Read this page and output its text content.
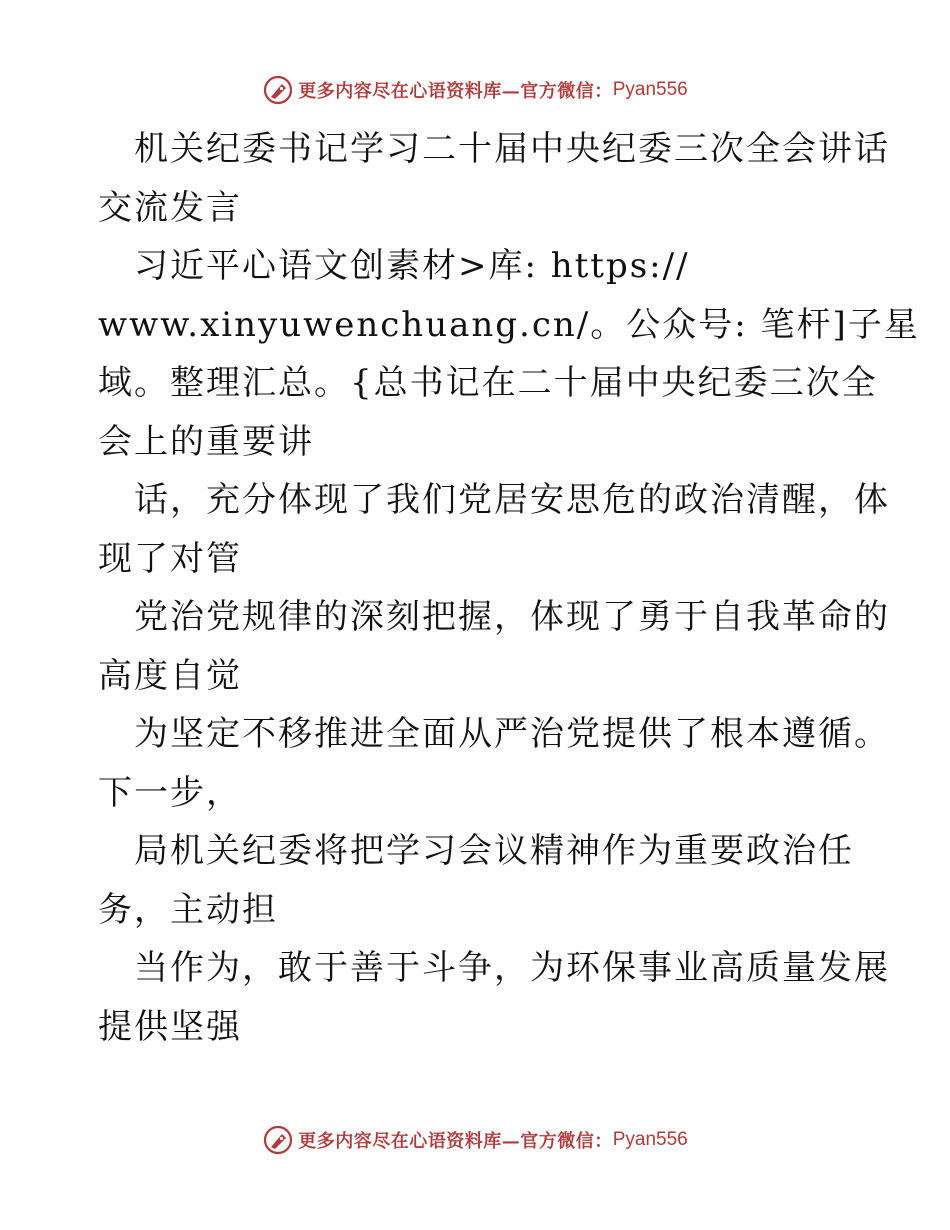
更多内容尽在心语资料库—官方微信： Pyan556
机关纪委书记学习二十届中央纪委三次全会讲话
交流发言
习近平心语文创素材>库: https://
www.xinyuwenchuang.cn/。公众号: 笔杆]子星
域。整理汇总。{总书记在二十届中央纪委三次全
会上的重要讲
话，充分体现了我们党居安思危的政治清醒，体
现了对管
党治党规律的深刻把握，体现了勇于自我革命的
高度自觉
为坚定不移推进全面从严治党提供了根本遵循。
下一步，
局机关纪委将把学习会议精神作为重要政治任
务，主动担
当作为，敢于善于斗争，为环保事业高质量发展
提供坚强
更多内容尽在心语资料库—官方微信： Pyan556
